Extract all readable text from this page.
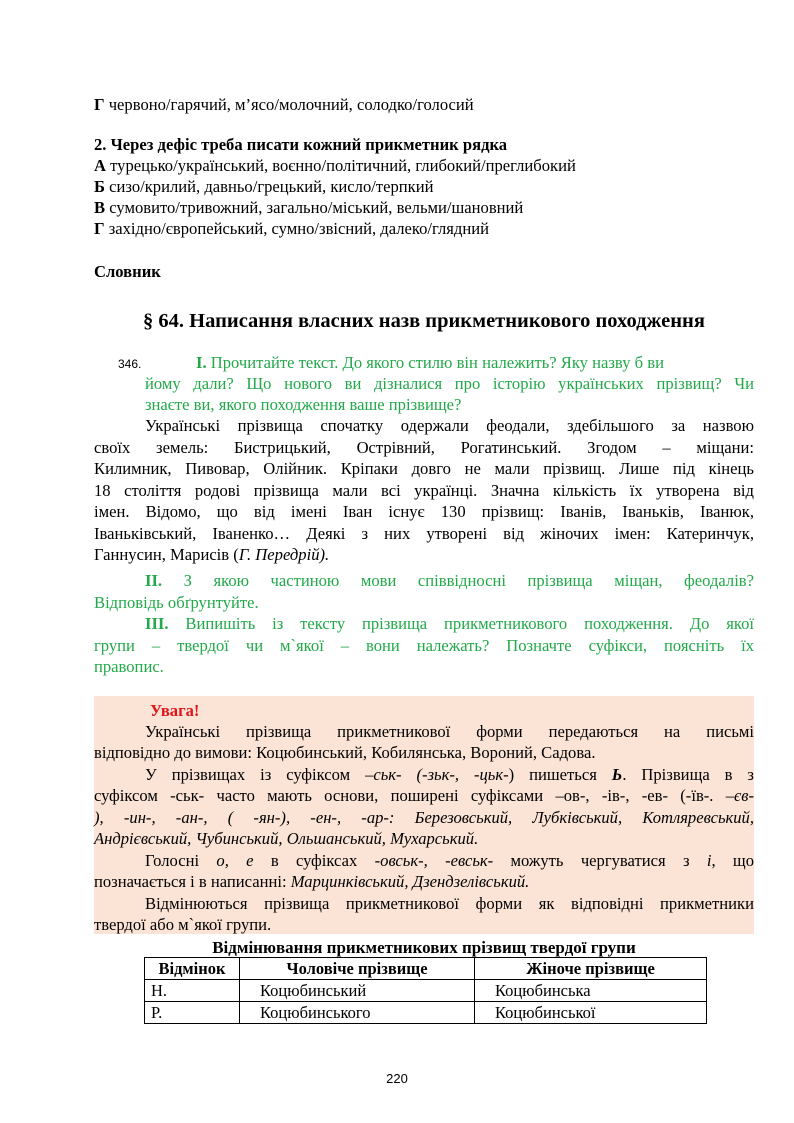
Г червоно/гарячий, м’ясо/молочний, солодко/голосий
2. Через дефіс треба писати кожний прикметник рядка
А турецько/український, воєнно/політичний, глибокий/преглибокий
Б сизо/крилий, давньо/грецький, кисло/терпкий
В сумовито/тривожний, загально/міський, вельми/шановний
Г західно/європейський, сумно/звісний, далеко/глядний
Словник
§ 64. Написання власних назв прикметникового походження
346.	І. Прочитайте текст. До якого стилю він належить? Яку назву б ви
йому дали? Що нового ви дізналися про історію українських прізвищ? Чи
знаєте ви, якого походження ваше прізвище?
Українські прізвища спочатку одержали феодали, здебільшого за назвою
своїх земель: Бистрицький, Острівний, Рогатинський. Згодом – міщани:
Килимник, Пивовар, Олійник. Кріпаки довго не мали прізвищ. Лише під кінець
18 століття родові прізвища мали всі українці. Значна кількість їх утворена від
імен. Відомо, що від імені Іван існує 130 прізвищ: Іванів, Іваньків, Іванюк,
Іваньківський, Іваненко… Деякі з них утворені від жіночих імен: Катеринчук,
Ганнусин, Марисів (Г. Передрій).
ІІ. З якою частиною мови співвідносні прізвища міщан, феодалів?
Відповідь обґрунтуйте.
ІІІ. Випишіть із тексту прізвища прикметникового походження. До якої
групи – твердої чи м`якої – вони належать? Позначте суфікси, поясніть їх
правопис.
Увага!
Українські прізвища прикметникової форми передаються на письмі
відповідно до вимови: Коцюбинський, Кобилянська, Вороний, Садова.
У прізвищах із суфіксом –ськ- (-зьк-, -цьк-) пишеться Ь. Прізвища в з
суфіксом -ськ- часто мають основи, поширені суфіксами –ов-, -ів-, -ев- (-їв-. –єв-
), -ин-, -ан-, ( -ян-), -ен-, -ар-: Березовський, Лубківський, Котляревський,
Андрієвський, Чубинський, Ольшанський, Мухарський.
Голосні о, е в суфіксах -овськ-, -евськ- можуть чергуватися з і, що
позначається і в написанні: Марцинківський, Дзендзелівський.
Відмінюються прізвища прикметникової форми як відповідні прикметники
твердої або м`якої групи.
Відмінювання прикметникових прізвищ твердої групи
Відмінок	Чоловіче прізвище	Жіноче прізвище
Н.	Коцюбинський	Коцюбинська
Р.	Коцюбинського	Коцюбинської
220
